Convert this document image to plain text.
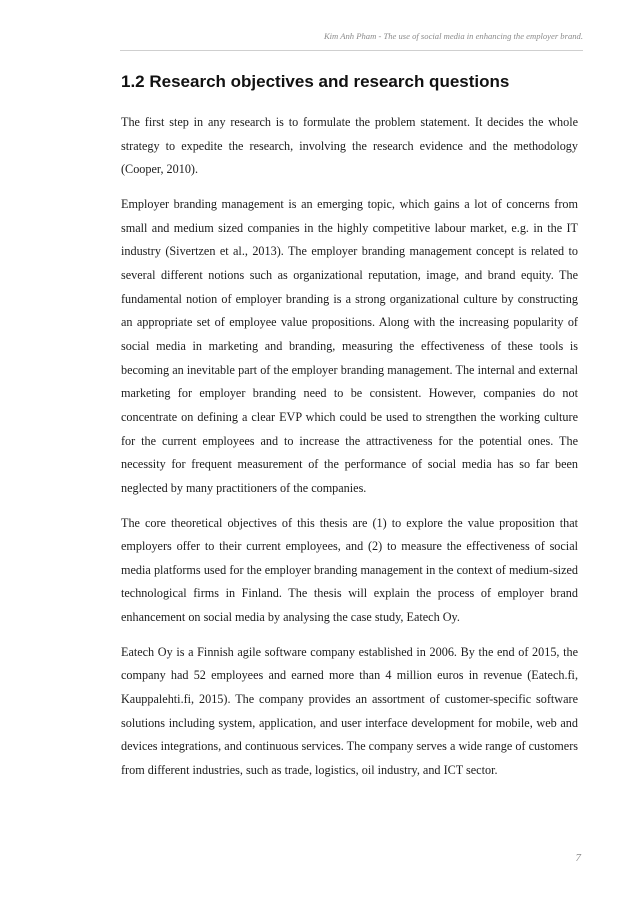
Kim Anh Pham - The use of social media in enhancing the employer brand.
1.2 Research objectives and research questions

The first step in any research is to formulate the problem statement. It decides the whole strategy to expedite the research, involving the research evidence and the methodology (Cooper, 2010).

Employer branding management is an emerging topic, which gains a lot of concerns from small and medium sized companies in the highly competitive labour market, e.g. in the IT industry (Sivertzen et al., 2013). The employer branding management concept is related to several different notions such as organizational reputation, image, and brand equity. The fundamental notion of employer branding is a strong organizational culture by constructing an appropriate set of employee value propositions. Along with the increasing popularity of social media in marketing and branding, measuring the effectiveness of these tools is becoming an inevitable part of the employer branding management. The internal and external marketing for employer branding need to be consistent. However, companies do not concentrate on defining a clear EVP which could be used to strengthen the working culture for the current employees and to increase the attractiveness for the potential ones. The necessity for frequent measurement of the performance of social media has so far been neglected by many practitioners of the companies.

The core theoretical objectives of this thesis are (1) to explore the value proposition that employers offer to their current employees, and (2) to measure the effectiveness of social media platforms used for the employer branding management in the context of medium-sized technological firms in Finland. The thesis will explain the process of employer brand enhancement on social media by analysing the case study, Eatech Oy.

Eatech Oy is a Finnish agile software company established in 2006. By the end of 2015, the company had 52 employees and earned more than 4 million euros in revenue (Eatech.fi, Kauppalehti.fi, 2015). The company provides an assortment of customer-specific software solutions including system, application, and user interface development for mobile, web and devices integrations, and continuous services. The company serves a wide range of customers from different industries, such as trade, logistics, oil industry, and ICT sector.

7
